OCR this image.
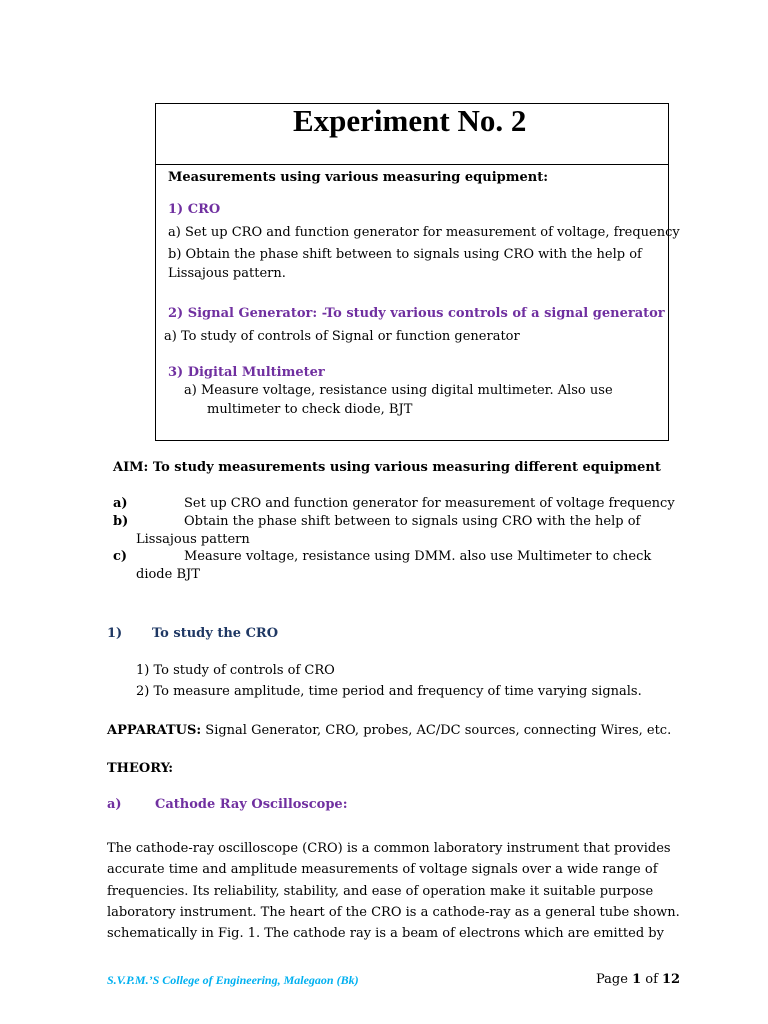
Experiment No. 2
Measurements using various measuring equipment:
1) CRO
a) Set up CRO and function generator for measurement of voltage, frequency
b) Obtain the phase shift between to signals using CRO with the help of
Lissajous pattern.
2) Signal Generator: -To study various controls of a signal generator
a) To study of controls of Signal or function generator
3) Digital Multimeter
a) Measure voltage, resistance using digital multimeter. Also use
multimeter to check diode, BJT
AIM: To study measurements using various measuring different equipment
a)	Set up CRO and function generator for measurement of voltage frequency
b)	Obtain the phase shift between to signals using CRO with the help of
Lissajous pattern
c)	Measure voltage, resistance using DMM. also use Multimeter to check
diode BJT
1) To study the CRO
1) To study of controls of CRO
2) To measure amplitude, time period and frequency of time varying signals.
APPARATUS: Signal Generator, CRO, probes, AC/DC sources, connecting Wires, etc.
THEORY:
a)	Cathode Ray Oscilloscope:
The cathode-ray oscilloscope (CRO) is a common laboratory instrument that provides
accurate time and amplitude measurements of voltage signals over a wide range of
frequencies. Its reliability, stability, and ease of operation make it suitable purpose
laboratory instrument. The heart of the CRO is a cathode-ray as a general tube shown.
schematically in Fig. 1. The cathode ray is a beam of electrons which are emitted by
S.V.P.M.’S College of Engineering, Malegaon (Bk)	Page 1 of 12
